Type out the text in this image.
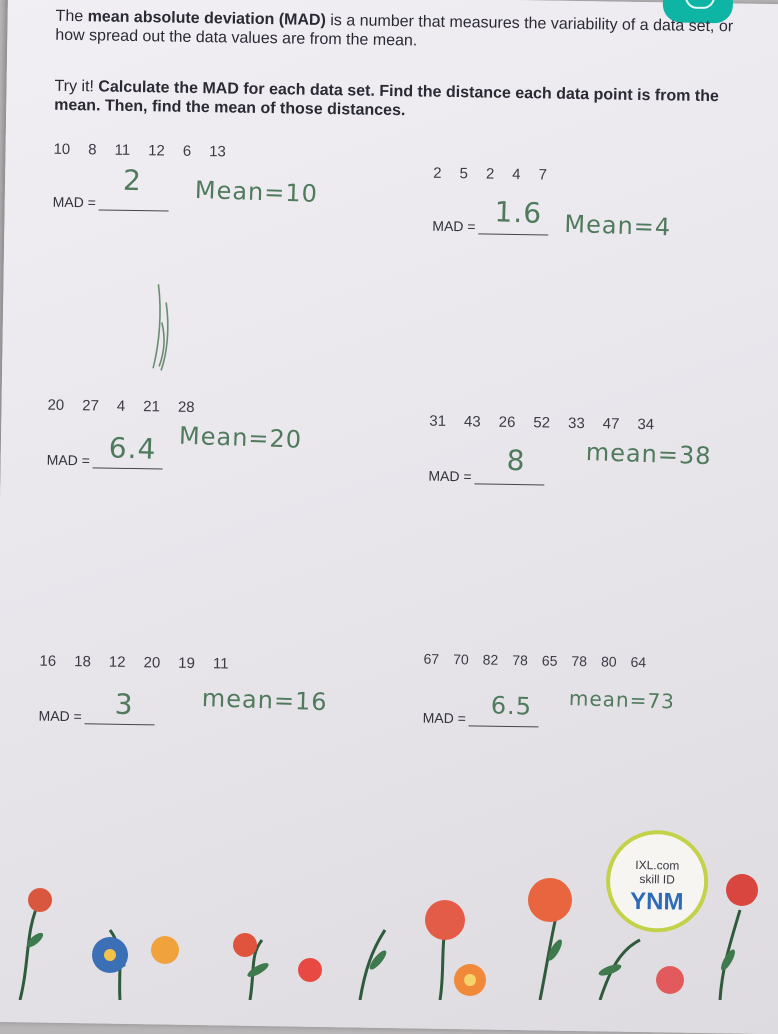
The mean absolute deviation (MAD) is a number that measures the variability of a data set, or how spread out the data values are from the mean.
Try it! Calculate the MAD for each data set. Find the distance each data point is from the mean. Then, find the mean of those distances.
10 8 11 12 6 13
MAD =
2 Mean=10
2 5 2 4 7
MAD = 1.6 Mean=4
20 27 4 21 28
MAD = 6.4 Mean=20
31 43 26 52 33 47 34
MAD =	8 mean=38
16 18 12 20 19 11
MAD =	3	mean=16
67 70 82 78 65 78 80 64
MAD =	6.5 mean=73
IXL.com
skill ID
YNM
